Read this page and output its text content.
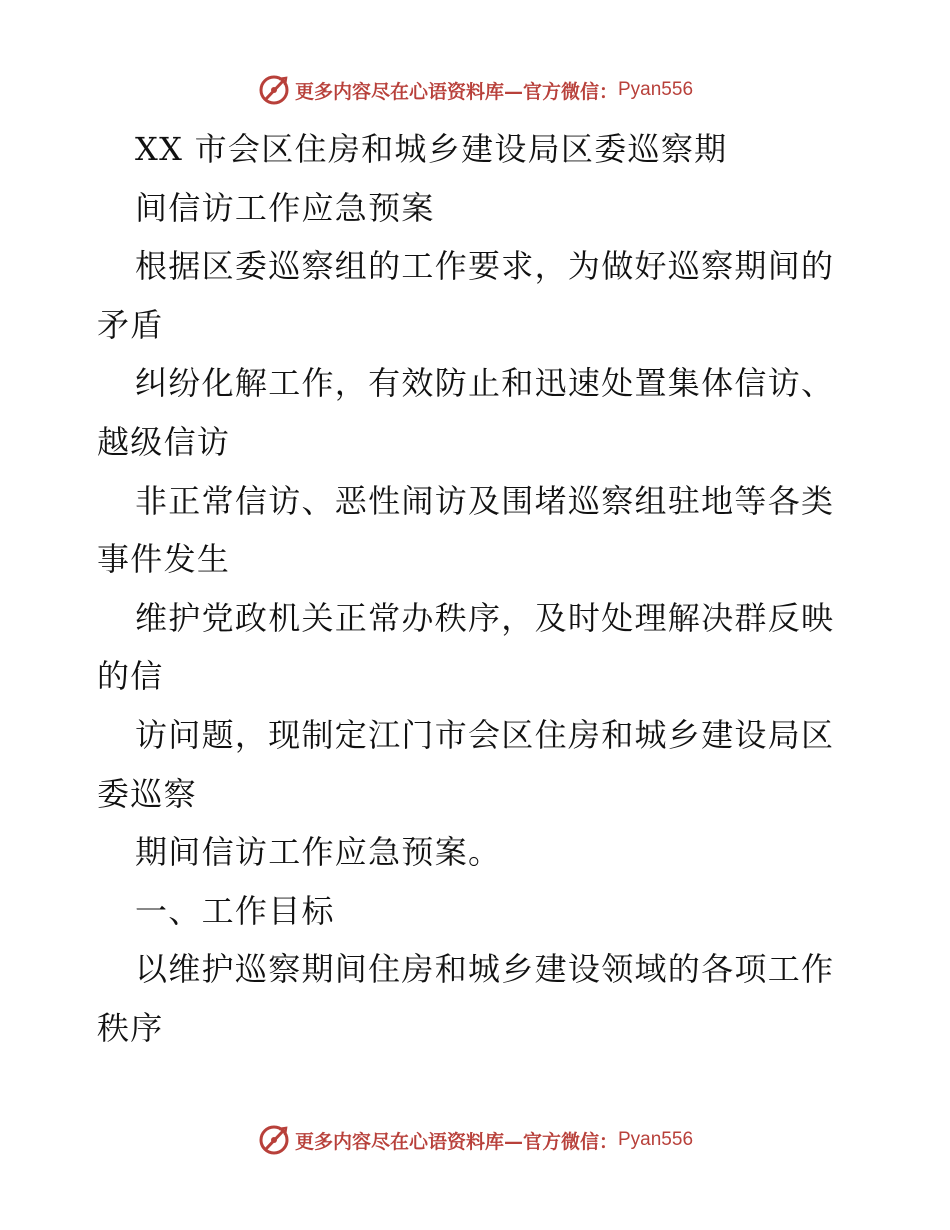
更多内容尽在心语资料库—官方微信： Pyan556
XX 市会区住房和城乡建设局区委巡察期
间信访工作应急预案
根据区委巡察组的工作要求，为做好巡察期间的
矛盾
纠纷化解工作，有效防止和迅速处置集体信访、
越级信访
非正常信访、恶性闹访及围堵巡察组驻地等各类
事件发生
维护党政机关正常办秩序，及时处理解决群反映
的信
访问题，现制定江门市会区住房和城乡建设局区
委巡察
期间信访工作应急预案。
一、工作目标
以维护巡察期间住房和城乡建设领域的各项工作
秩序
更多内容尽在心语资料库—官方微信： Pyan556
